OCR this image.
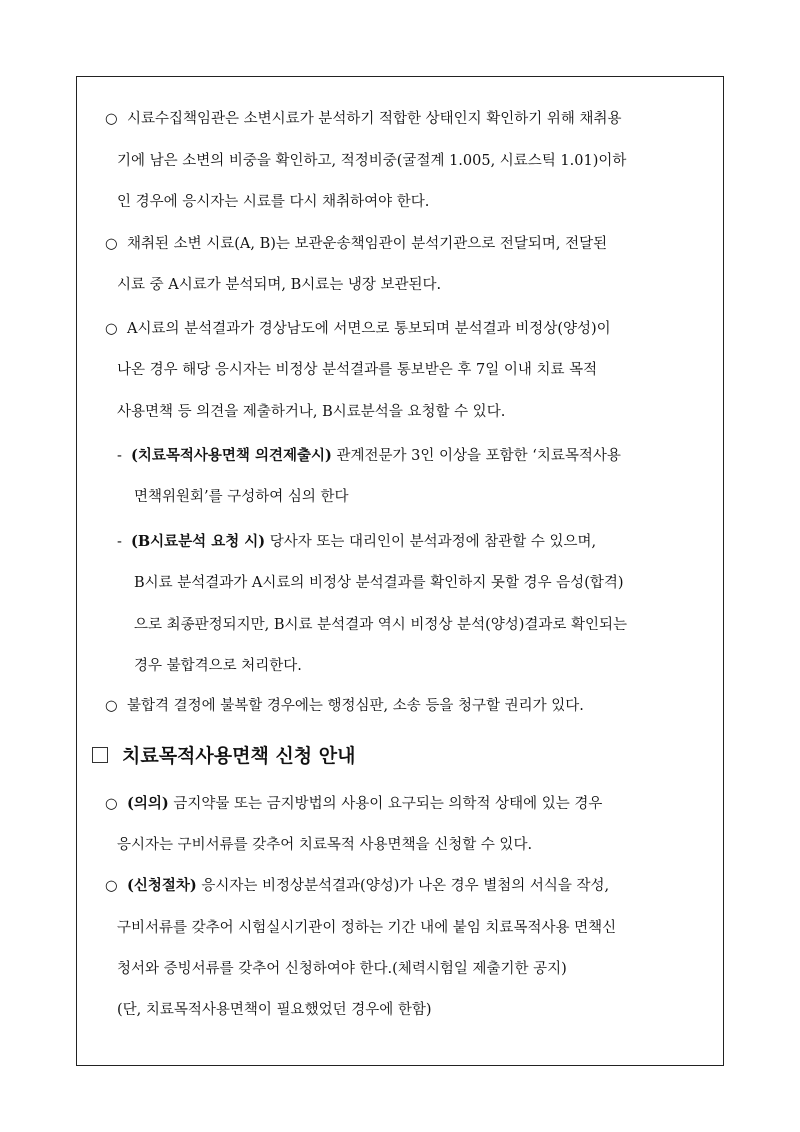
○ 시료수집책임관은 소변시료가 분석하기 적합한 상태인지 확인하기 위해 채취용
기에 남은 소변의 비중을 확인하고, 적정비중(굴절계 1.005, 시료스틱 1.01)이하
인 경우에 응시자는 시료를 다시 채취하여야 한다.
○ 채취된 소변 시료(A, B)는 보관운송책임관이 분석기관으로 전달되며, 전달된
시료 중 A시료가 분석되며, B시료는 냉장 보관된다.
○ A시료의 분석결과가 경상남도에 서면으로 통보되며 분석결과 비정상(양성)이
나온 경우 해당 응시자는 비정상 분석결과를 통보받은 후 7일 이내 치료 목적
사용면책 등 의견을 제출하거나, B시료분석을 요청할 수 있다.
- (치료목적사용면책 의견제출시) 관계전문가 3인 이상을 포함한 ‘치료목적사용
면책위원회’를 구성하여 심의 한다
- (B시료분석 요청 시) 당사자 또는 대리인이 분석과정에 참관할 수 있으며,
B시료 분석결과가 A시료의 비정상 분석결과를 확인하지 못할 경우 음성(합격)
으로 최종판정되지만, B시료 분석결과 역시 비정상 분석(양성)결과로 확인되는
경우 불합격으로 처리한다.
○ 불합격 결정에 불복할 경우에는 행정심판, 소송 등을 청구할 권리가 있다.
치료목적사용면책 신청 안내
○ (의의) 금지약물 또는 금지방법의 사용이 요구되는 의학적 상태에 있는 경우
응시자는 구비서류를 갖추어 치료목적 사용면책을 신청할 수 있다.
○ (신청절차) 응시자는 비정상분석결과(양성)가 나온 경우 별첨의 서식을 작성,
구비서류를 갖추어 시험실시기관이 정하는 기간 내에 붙임 치료목적사용 면책신
청서와 증빙서류를 갖추어 신청하여야 한다.(체력시험일 제출기한 공지)
(단, 치료목적사용면책이 필요했었던 경우에 한함)
